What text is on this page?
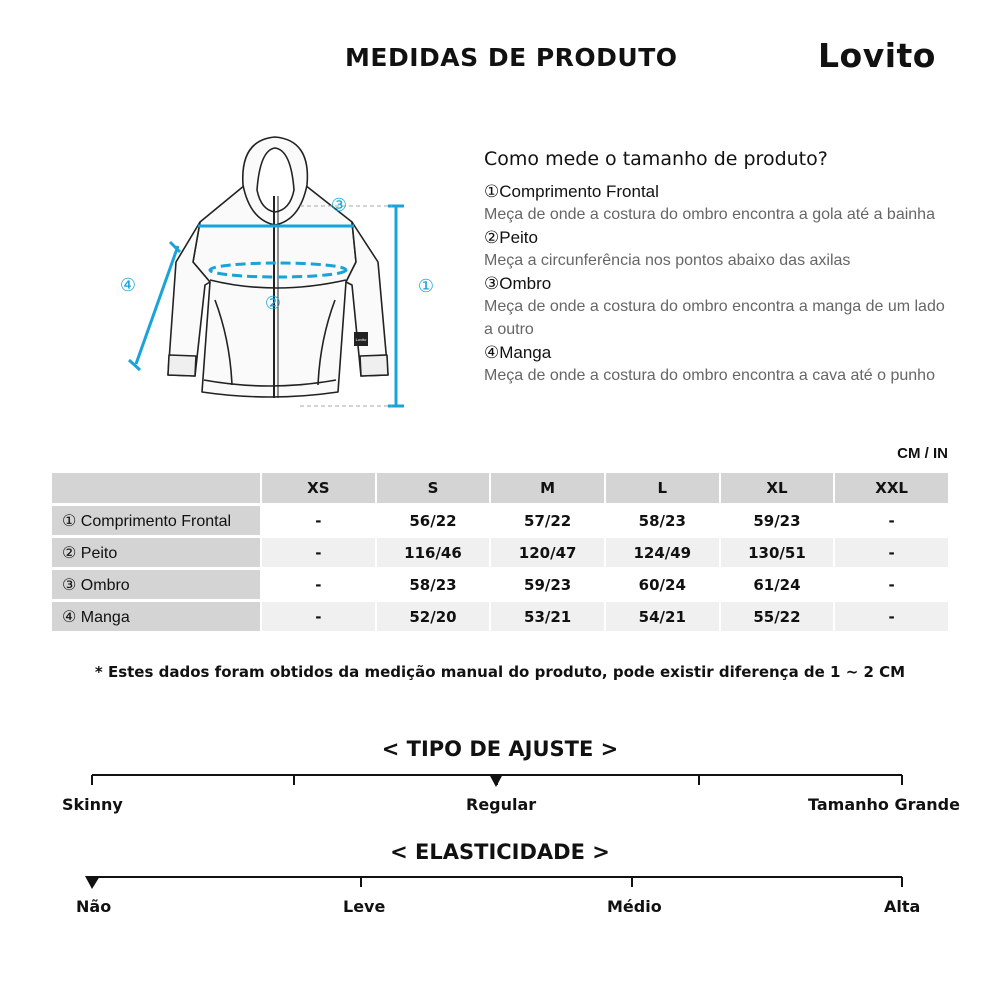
MEDIDAS DE PRODUTO	Lovito
Lovito
①
②
③
④
Como mede o tamanho de produto?
①Comprimento Frontal
Meça de onde a costura do ombro encontra a gola até a bainha
②Peito
Meça a circunferência nos pontos abaixo das axilas
③Ombro
Meça de onde a costura do ombro encontra a manga de um lado a outro
④Manga
Meça de onde a costura do ombro encontra a cava até o punho
CM / IN
	XS	S	M	L	XL	XXL
① Comprimento Frontal	-	56/22	57/22	58/23	59/23	-
② Peito	-	116/46	120/47	124/49	130/51	-
③ Ombro	-	58/23	59/23	60/24	61/24	-
④ Manga	-	52/20	53/21	54/21	55/22	-
* Estes dados foram obtidos da medição manual do produto, pode existir diferença de 1 ~ 2 CM
< TIPO DE AJUSTE >
Skinny	Regular	Tamanho Grande
< ELASTICIDADE >
Não	Leve	Médio	Alta
